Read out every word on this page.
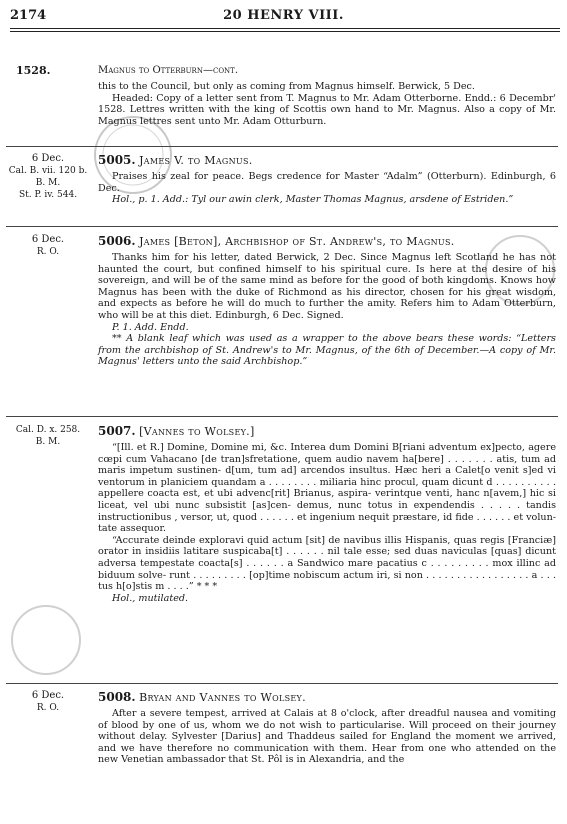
2174	20 HENRY VIII.
1528.	Magnus to Otterburn—cont.

this to the Council, but only as coming from Magnus himself. Berwick, 5 Dec.

Headed: Copy of a letter sent from T. Magnus to Mr. Adam Otterborne. Endd.: 6 Decembr' 1528. Lettres written with the king of Scottis own hand to Mr. Magnus. Also a copy of Mr. Magnus lettres sent unto Mr. Adam Otturburn.

6 Dec.
Cal. B. vii. 120 b.
B. M.
St. P. iv. 544.

5005. James V. to Magnus.

Praises his zeal for peace. Begs credence for Master “Adalm” (Otterburn). Edinburgh, 6 Dec.

Hol., p. 1. Add.: Tyl our awin clerk, Master Thomas Magnus, arsdene of Estriden.”

6 Dec.
R. O.

5006. James [Beton], Archbishop of St. Andrew's, to Magnus.

Thanks him for his letter, dated Berwick, 2 Dec. Since Magnus left Scotland he has not haunted the court, but confined himself to his spiritual cure. Is here at the desire of his sovereign, and will be of the same mind as before for the good of both kingdoms. Knows how Magnus has been with the duke of Richmond as his director, chosen for his great wisdom, and expects as before he will do much to further the amity. Refers him to Adam Otterburn, who will be at this diet. Edinburgh, 6 Dec. Signed.

P. 1. Add. Endd.

** A blank leaf which was used as a wrapper to the above bears these words: “Letters from the archbishop of St. Andrew's to Mr. Magnus, of the 6th of December.—A copy of Mr. Magnus' letters unto the said Archbishop.”

Cal. D. x. 258.
B. M.

5007. [Vannes to Wolsey.]

“[Ill. et R.] Domine, Domine mi, &c. Interea dum Domini B[riani adventum ex]pecto, agere cœpi cum Vahacano [de tran]sfretatione, quem audio navem ha[bere] . . . . . . . atis, tum ad maris impetum sustinen- d[um, tum ad] arcendos insultus. Hæc heri a Calet[o venit s]ed vi ventorum in planiciem quandam a . . . . . . . . miliaria hinc procul, quam dicunt d . . . . . . . . . . appellere coacta est, et ubi advenc[rit] Brianus, aspira- verintque venti, hanc n[avem,] hic si liceat, vel ubi nunc subsistit [as]cen- demus, nunc totus in expendendis . . . . . tandis instructionibus , versor, ut, quod . . . . . . et ingenium nequit præstare, id fide . . . . . . et volun- tate assequor.

“Accurate deinde exploravi quid actum [sit] de navibus illis Hispanis, quas regis [Franciæ] orator in insidiis latitare suspicaba[t] . . . . . . nil tale esse; sed duas naviculas [quas] dicunt adversa tempestate coacta[s] . . . . . . a Sandwico mare pacatius c . . . . . . . . . mox illinc ad biduum solve- runt . . . . . . . . . [op]time nobiscum actum iri, si non . . . . . . . . . . . . . . . . . a . . . tus h[o]stis m . . . .” * * *

Hol., mutilated.

6 Dec.
R. O.

5008. Bryan and Vannes to Wolsey.

After a severe tempest, arrived at Calais at 8 o'clock, after dreadful nausea and vomiting of blood by one of us, whom we do not wish to particularise. Will proceed on their journey without delay. Sylvester [Darius] and Thaddeus sailed for England the moment we arrived, and we have therefore no communication with them. Hear from one who attended on the new Venetian ambassador that St. Pôl is in Alexandria, and the
